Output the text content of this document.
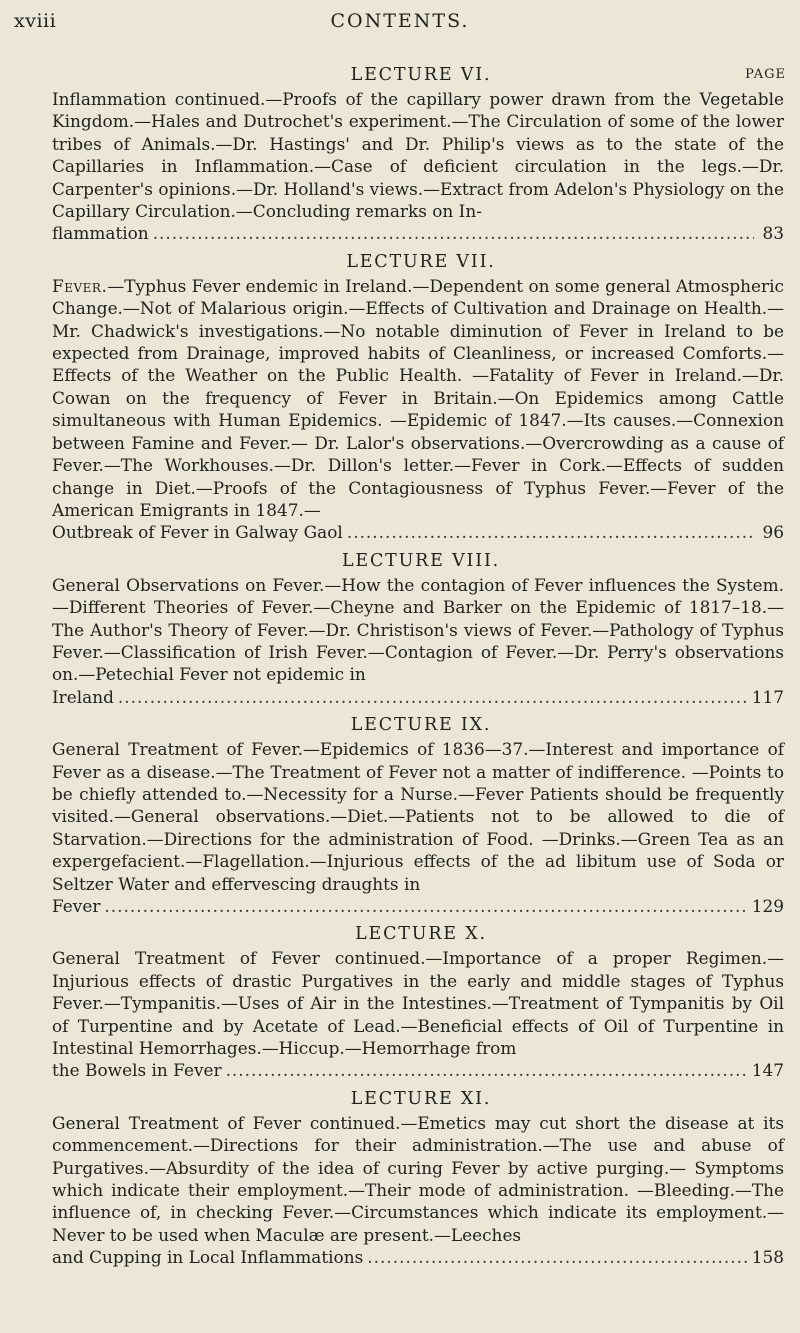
xviii	CONTENTS.
LECTURE VI.	PAGE
Inflammation continued.—Proofs of the capillary power drawn from the Vegetable Kingdom.—Hales and Dutrochet's experiment.—The Circulation of some of the lower tribes of Animals.—Dr. Hastings' and Dr. Philip's views as to the state of the Capillaries in Inflammation.—Case of deficient circulation in the legs.—Dr. Carpenter's opinions.—Dr. Holland's views.—Extract from Adelon's Physiology on the Capillary Circulation.—Concluding remarks on In-
flammation .....	83
LECTURE VII.
Fever.—Typhus Fever endemic in Ireland.—Dependent on some general Atmospheric Change.—Not of Malarious origin.—Effects of Cultivation and Drainage on Health.—Mr. Chadwick's investigations.—No notable diminution of Fever in Ireland to be expected from Drainage, improved habits of Cleanliness, or increased Comforts.—Effects of the Weather on the Public Health. —Fatality of Fever in Ireland.—Dr. Cowan on the frequency of Fever in Britain.—On Epidemics among Cattle simultaneous with Human Epidemics. —Epidemic of 1847.—Its causes.—Connexion between Famine and Fever.— Dr. Lalor's observations.—Overcrowding as a cause of Fever.—The Workhouses.—Dr. Dillon's letter.—Fever in Cork.—Effects of sudden change in Diet.—Proofs of the Contagiousness of Typhus Fever.—Fever of the American Emigrants in 1847.—
Outbreak of Fever in Galway Gaol .....	96
LECTURE VIII.
General Observations on Fever.—How the contagion of Fever influences the System.—Different Theories of Fever.—Cheyne and Barker on the Epidemic of 1817–18.—The Author's Theory of Fever.—Dr. Christison's views of Fever.—Pathology of Typhus Fever.—Classification of Irish Fever.—Contagion of Fever.—Dr. Perry's observations on.—Petechial Fever not epidemic in
Ireland .....	117
LECTURE IX.
General Treatment of Fever.—Epidemics of 1836—37.—Interest and importance of Fever as a disease.—The Treatment of Fever not a matter of indifference. —Points to be chiefly attended to.—Necessity for a Nurse.—Fever Patients should be frequently visited.—General observations.—Diet.—Patients not to be allowed to die of Starvation.—Directions for the administration of Food. —Drinks.—Green Tea as an expergefacient.—Flagellation.—Injurious effects of the ad libitum use of Soda or Seltzer Water and effervescing draughts in
Fever .....	129
LECTURE X.
General Treatment of Fever continued.—Importance of a proper Regimen.— Injurious effects of drastic Purgatives in the early and middle stages of Typhus Fever.—Tympanitis.—Uses of Air in the Intestines.—Treatment of Tympanitis by Oil of Turpentine and by Acetate of Lead.—Beneficial effects of Oil of Turpentine in Intestinal Hemorrhages.—Hiccup.—Hemorrhage from
the Bowels in Fever .....	147
LECTURE XI.
General Treatment of Fever continued.—Emetics may cut short the disease at its commencement.—Directions for their administration.—The use and abuse of Purgatives.—Absurdity of the idea of curing Fever by active purging.— Symptoms which indicate their employment.—Their mode of administration. —Bleeding.—The influence of, in checking Fever.—Circumstances which indicate its employment.—Never to be used when Maculæ are present.—Leeches
and Cupping in Local Inflammations .....	158
